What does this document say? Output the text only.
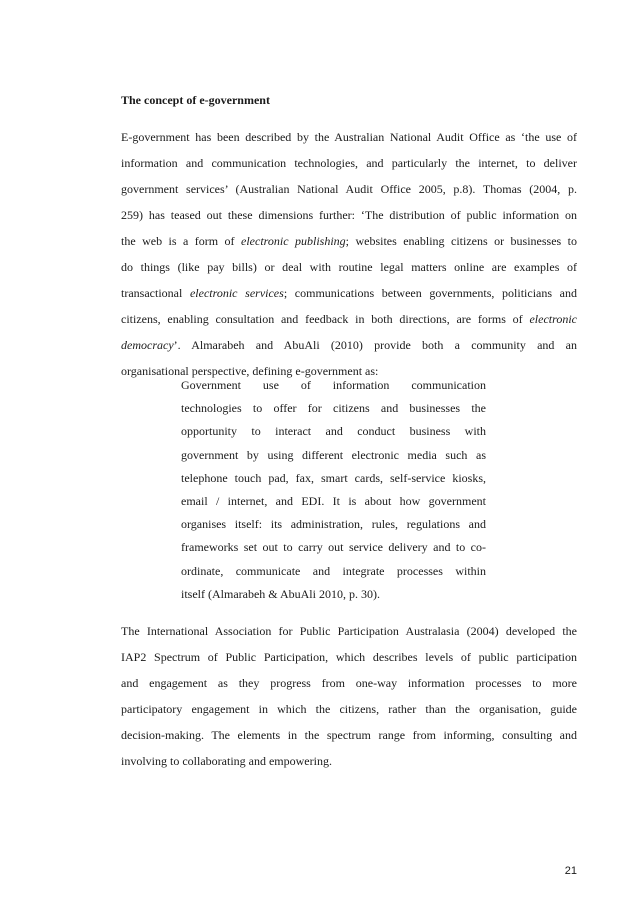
The concept of e-government

E-government has been described by the Australian National Audit Office as ‘the use of
information and communication technologies, and particularly the internet, to deliver
government services’ (Australian National Audit Office 2005, p.8). Thomas (2004, p.
259) has teased out these dimensions further: ‘The distribution of public information on
the web is a form of electronic publishing; websites enabling citizens or businesses to
do things (like pay bills) or deal with routine legal matters online are examples of
transactional electronic services; communications between governments, politicians and
citizens, enabling consultation and feedback in both directions, are forms of electronic
democracy’. Almarabeh and AbuAli (2010) provide both a community and an
organisational perspective, defining e-government as:

Government use of information communication
technologies to offer for citizens and businesses the
opportunity to interact and conduct business with
government by using different electronic media such as
telephone touch pad, fax, smart cards, self-service kiosks,
email / internet, and EDI. It is about how government
organises itself: its administration, rules, regulations and
frameworks set out to carry out service delivery and to co-
ordinate, communicate and integrate processes within
itself (Almarabeh & AbuAli 2010, p. 30).

The International Association for Public Participation Australasia (2004) developed the
IAP2 Spectrum of Public Participation, which describes levels of public participation
and engagement as they progress from one-way information processes to more
participatory engagement in which the citizens, rather than the organisation, guide
decision-making. The elements in the spectrum range from informing, consulting and
involving to collaborating and empowering.

21
